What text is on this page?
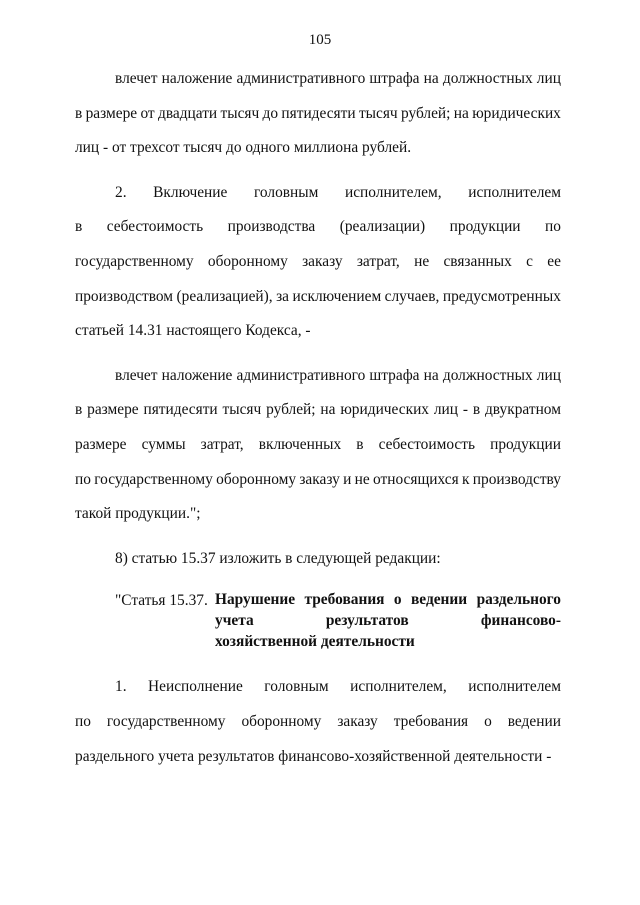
105
влечет наложение административного штрафа на должностных лиц
в размере от двадцати тысяч до пятидесяти тысяч рублей; на юридических
лиц - от трехсот тысяч до одного миллиона рублей.
2. Включение головным исполнителем, исполнителем
в себестоимость производства (реализации) продукции по
государственному оборонному заказу затрат, не связанных с ее
производством (реализацией), за исключением случаев, предусмотренных
статьей 14.31 настоящего Кодекса, -
влечет наложение административного штрафа на должностных лиц
в размере пятидесяти тысяч рублей; на юридических лиц - в двукратном
размере суммы затрат, включенных в себестоимость продукции
по государственному оборонному заказу и не относящихся к производству
такой продукции.";
8) статью 15.37 изложить в следующей редакции:
"Статья 15.37. Нарушение требования о ведении раздельного
учета	результатов	финансово-
хозяйственной деятельности
1. Неисполнение головным исполнителем, исполнителем
по государственному оборонному заказу требования о ведении
раздельного учета результатов финансово-хозяйственной деятельности -
